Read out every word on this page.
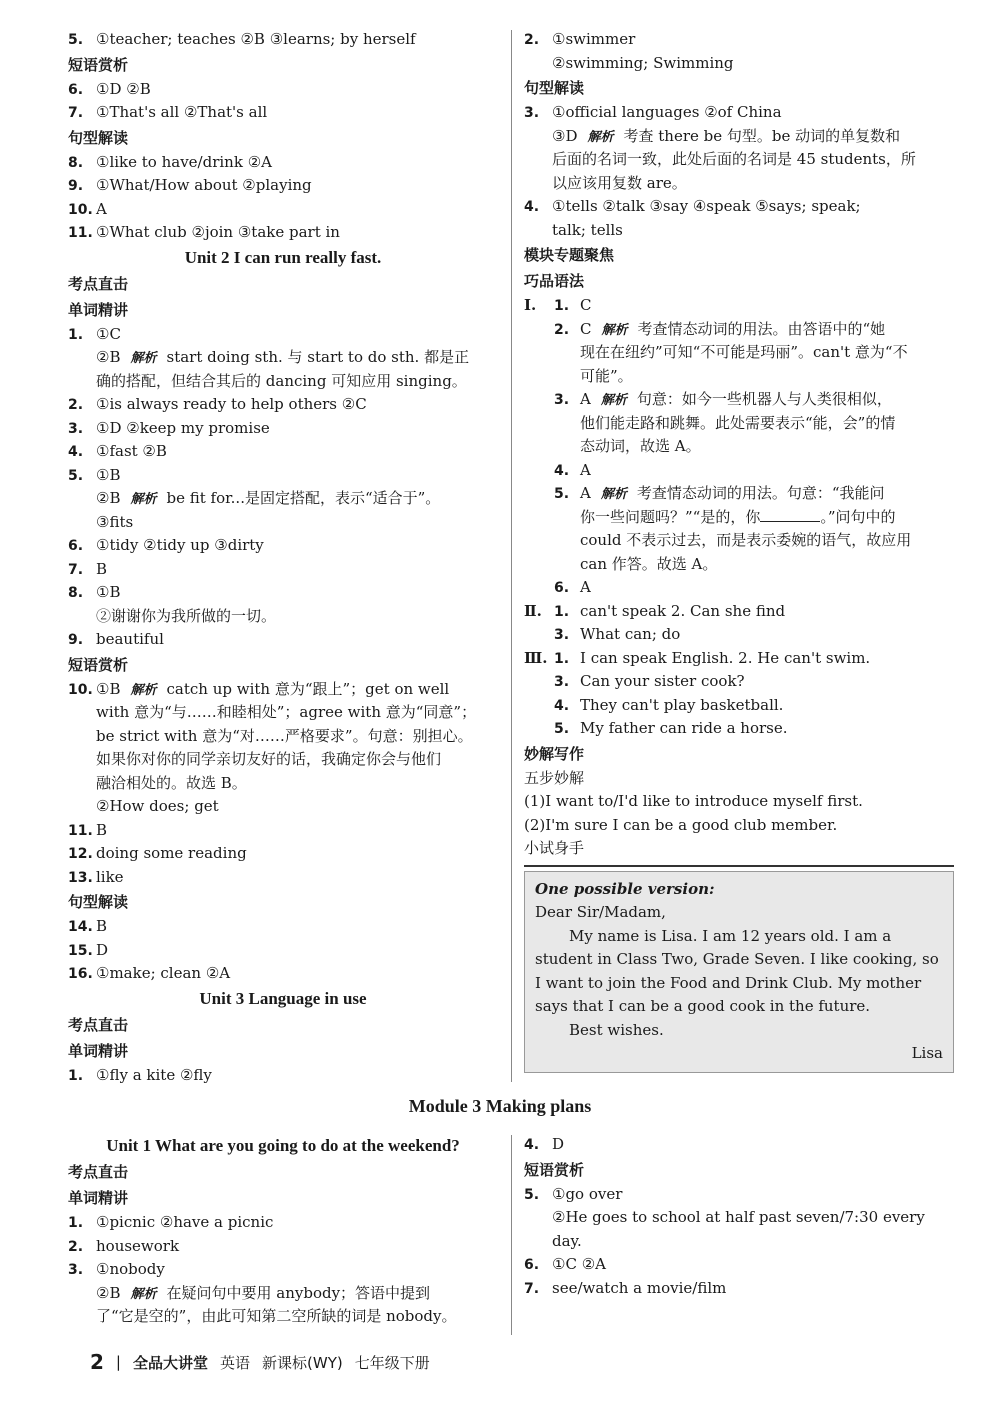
5. ①teacher; teaches ②B ③learns; by herself
短语赏析
6. ①D ②B
7. ①That's all ②That's all
句型解读
8. ①like to have/drink ②A
9. ①What/How about ②playing
10. A
11. ①What club ②join ③take part in
Unit 2 I can run really fast.
考点直击
单词精讲
1. ①C
②B 解析 start doing sth. 与 start to do sth. 都是正
确的搭配，但结合其后的 dancing 可知应用 singing。
2. ①is always ready to help others ②C
3. ①D ②keep my promise
4. ①fast ②B
5. ①B
②B 解析 be fit for...是固定搭配，表示“适合于”。
③fits
6. ①tidy ②tidy up ③dirty
7. B
8. ①B
②谢谢你为我所做的一切。
9. beautiful
短语赏析
10. ①B 解析 catch up with 意为“跟上”；get on well
with 意为“与……和睦相处”；agree with 意为“同意”；
be strict with 意为“对……严格要求”。句意：别担心。
如果你对你的同学亲切友好的话，我确定你会与他们
融洽相处的。故选 B。
②How does; get
11. B
12. doing some reading
13. like
句型解读
14. B
15. D
16. ①make; clean ②A
Unit 3 Language in use
考点直击
单词精讲
1. ①fly a kite ②fly
2. ①swimmer
②swimming; Swimming
句型解读
3. ①official languages ②of China
③D 解析 考查 there be 句型。be 动词的单复数和
后面的名词一致，此处后面的名词是 45 students，所
以应该用复数 are。
4. ①tells ②talk ③say ④speak ⑤says; speak;
talk; tells
模块专题聚焦
巧品语法
Ⅰ. 1. C
2. C 解析 考查情态动词的用法。由答语中的“她
现在在纽约”可知“不可能是玛丽”。can't 意为“不
可能”。
3. A 解析 句意：如今一些机器人与人类很相似，
他们能走路和跳舞。此处需要表示“能，会”的情
态动词，故选 A。
4. A
5. A 解析 考查情态动词的用法。句意：“我能问
你一些问题吗？”“是的，你	。”问句中的
could 不表示过去，而是表示委婉的语气，故应用
can 作答。故选 A。
6. A
Ⅱ. 1. can't speak 2. Can she find
3. What can; do
Ⅲ. 1. I can speak English. 2. He can't swim.
3. Can your sister cook?
4. They can't play basketball.
5. My father can ride a horse.
妙解写作
五步妙解
(1)I want to/I'd like to introduce myself first.
(2)I'm sure I can be a good club member.
小试身手
One possible version:
Dear Sir/Madam,
My name is Lisa. I am 12 years old. I am a student in Class Two, Grade Seven. I like cooking, so I want to join the Food and Drink Club. My mother says that I can be a good cook in the future.
Best wishes.
Lisa
Module 3 Making plans
Unit 1 What are you going to do at the weekend?
考点直击
单词精讲
1. ①picnic ②have a picnic
2. housework
3. ①nobody
②B 解析 在疑问句中要用 anybody；答语中提到
了“它是空的”，由此可知第二空所缺的词是 nobody。
4. D
短语赏析
5. ①go over
②He goes to school at half past seven/7:30 every
day.
6. ①C ②A
7. see/watch a movie/film
2 | 全品大讲堂 英语 新课标(WY) 七年级下册
